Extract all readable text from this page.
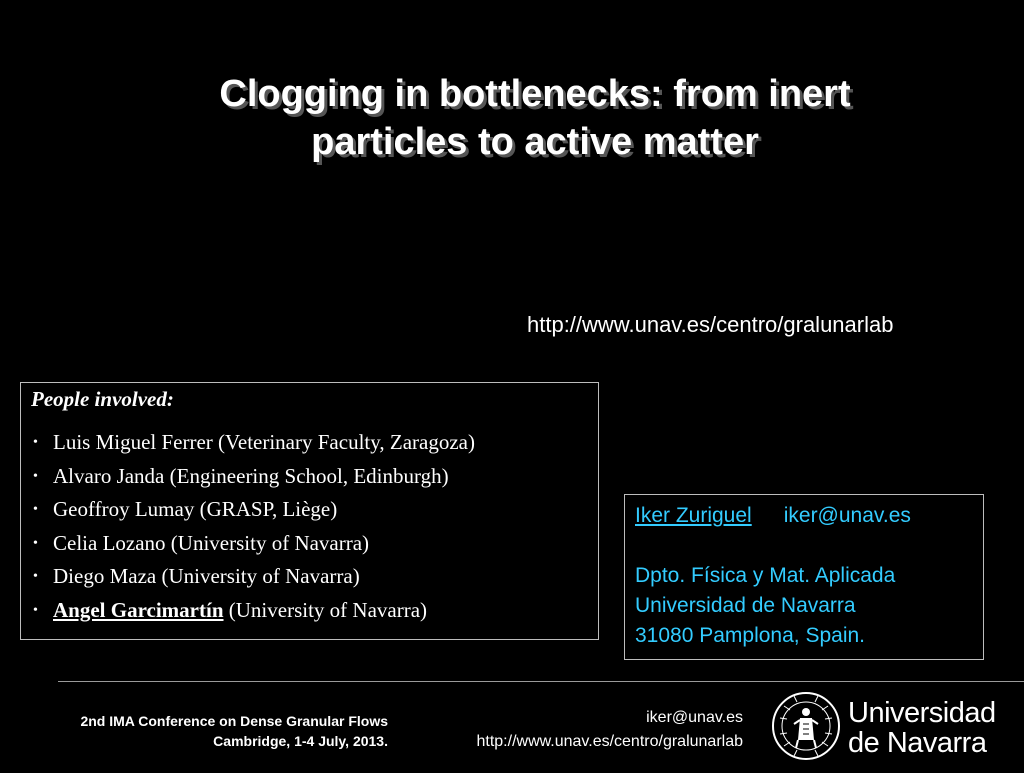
Clogging in bottlenecks: from inert
particles to active matter
http://www.unav.es/centro/gralunarlab
People involved:
• Luis Miguel Ferrer (Veterinary Faculty, Zaragoza)
• Alvaro Janda (Engineering School, Edinburgh)
• Geoffroy Lumay (GRASP, Liège)
• Celia Lozano (University of Navarra)
• Diego Maza (University of Navarra)
• Angel Garcimartín (University of Navarra)
Iker Zuriguel iker@unav.es
Dpto. Física y Mat. Aplicada
Universidad de Navarra
31080 Pamplona, Spain.
2nd IMA Conference on Dense Granular Flows
Cambridge, 1-4 July, 2013.
iker@unav.es
http://www.unav.es/centro/gralunarlab
Universidad
de Navarra
